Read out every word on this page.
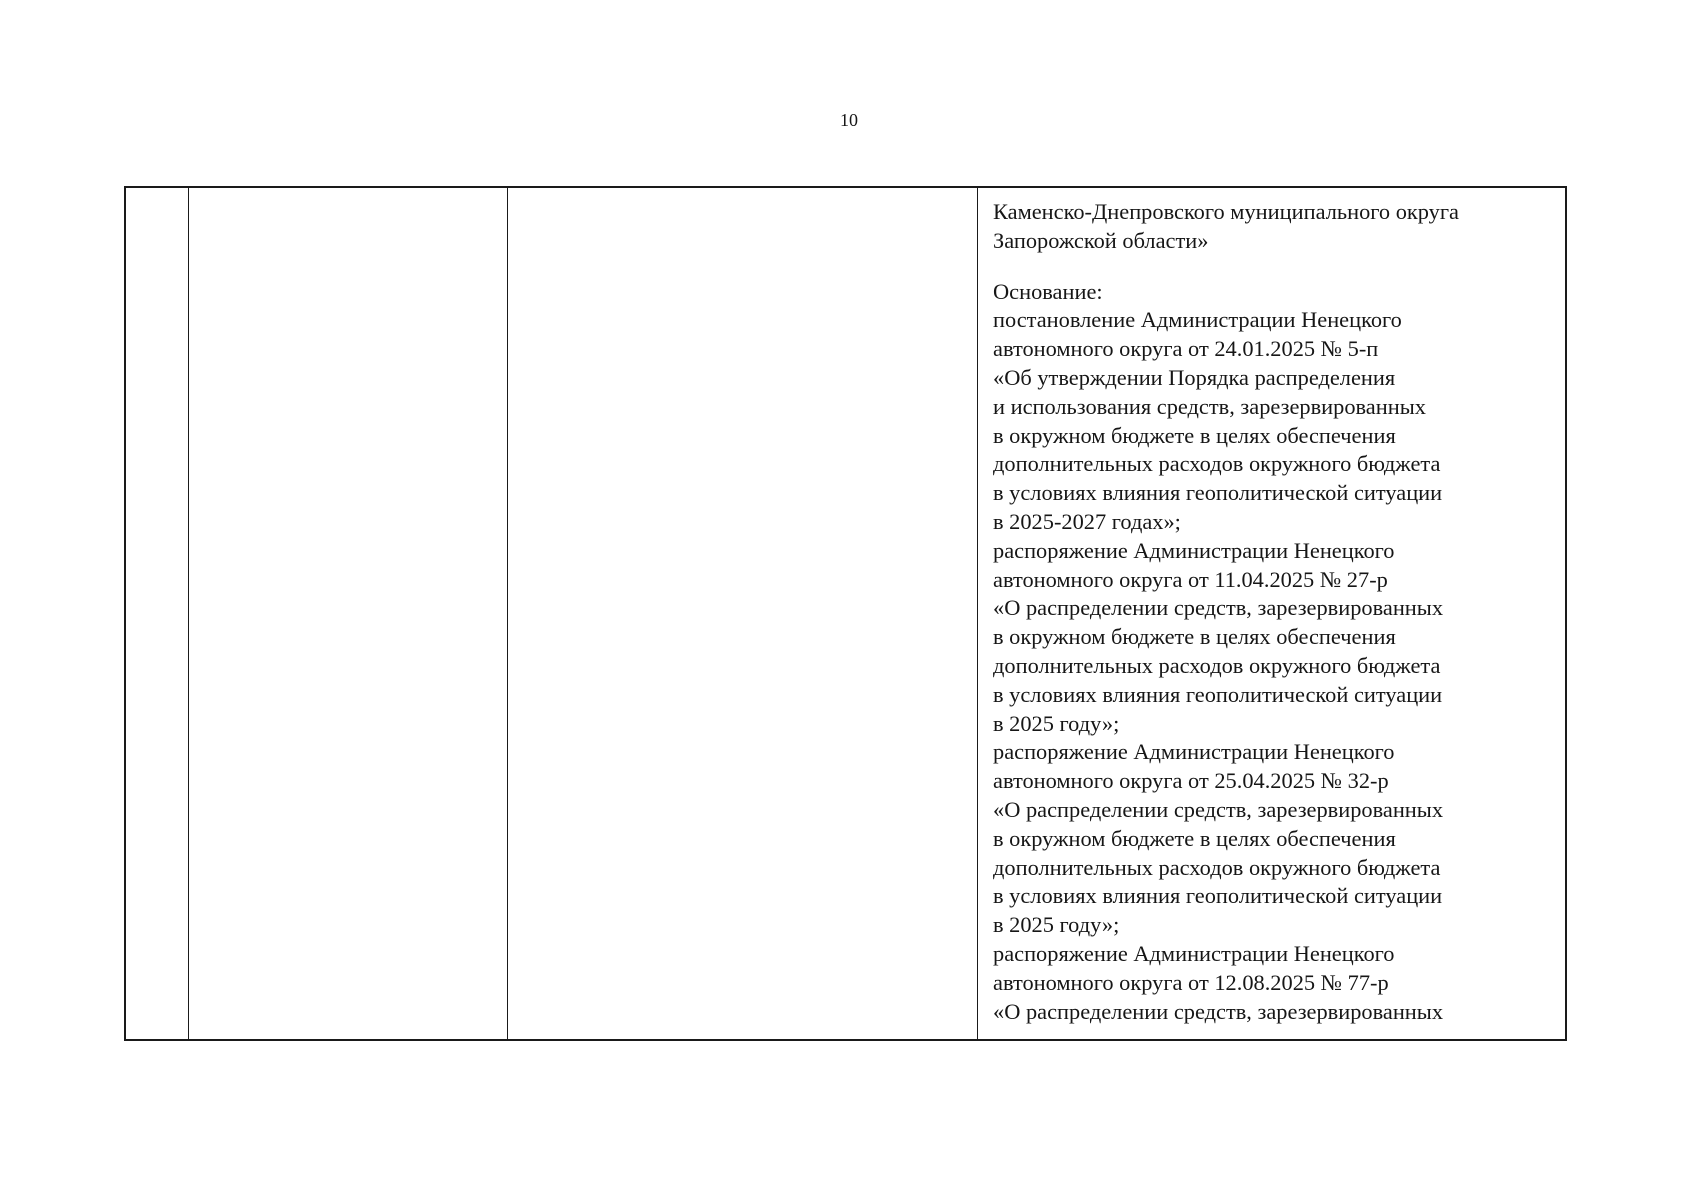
10
Каменско-Днепровского муниципального округа
Запорожской области»
Основание:
постановление Администрации Ненецкого
автономного округа от 24.01.2025 № 5-п
«Об утверждении Порядка распределения
и использования средств, зарезервированных
в окружном бюджете в целях обеспечения
дополнительных расходов окружного бюджета
в условиях влияния геополитической ситуации
в 2025-2027 годах»;
распоряжение Администрации Ненецкого
автономного округа от 11.04.2025 № 27-р
«О распределении средств, зарезервированных
в окружном бюджете в целях обеспечения
дополнительных расходов окружного бюджета
в условиях влияния геополитической ситуации
в 2025 году»;
распоряжение Администрации Ненецкого
автономного округа от 25.04.2025 № 32-р
«О распределении средств, зарезервированных
в окружном бюджете в целях обеспечения
дополнительных расходов окружного бюджета
в условиях влияния геополитической ситуации
в 2025 году»;
распоряжение Администрации Ненецкого
автономного округа от 12.08.2025 № 77-р
«О распределении средств, зарезервированных
